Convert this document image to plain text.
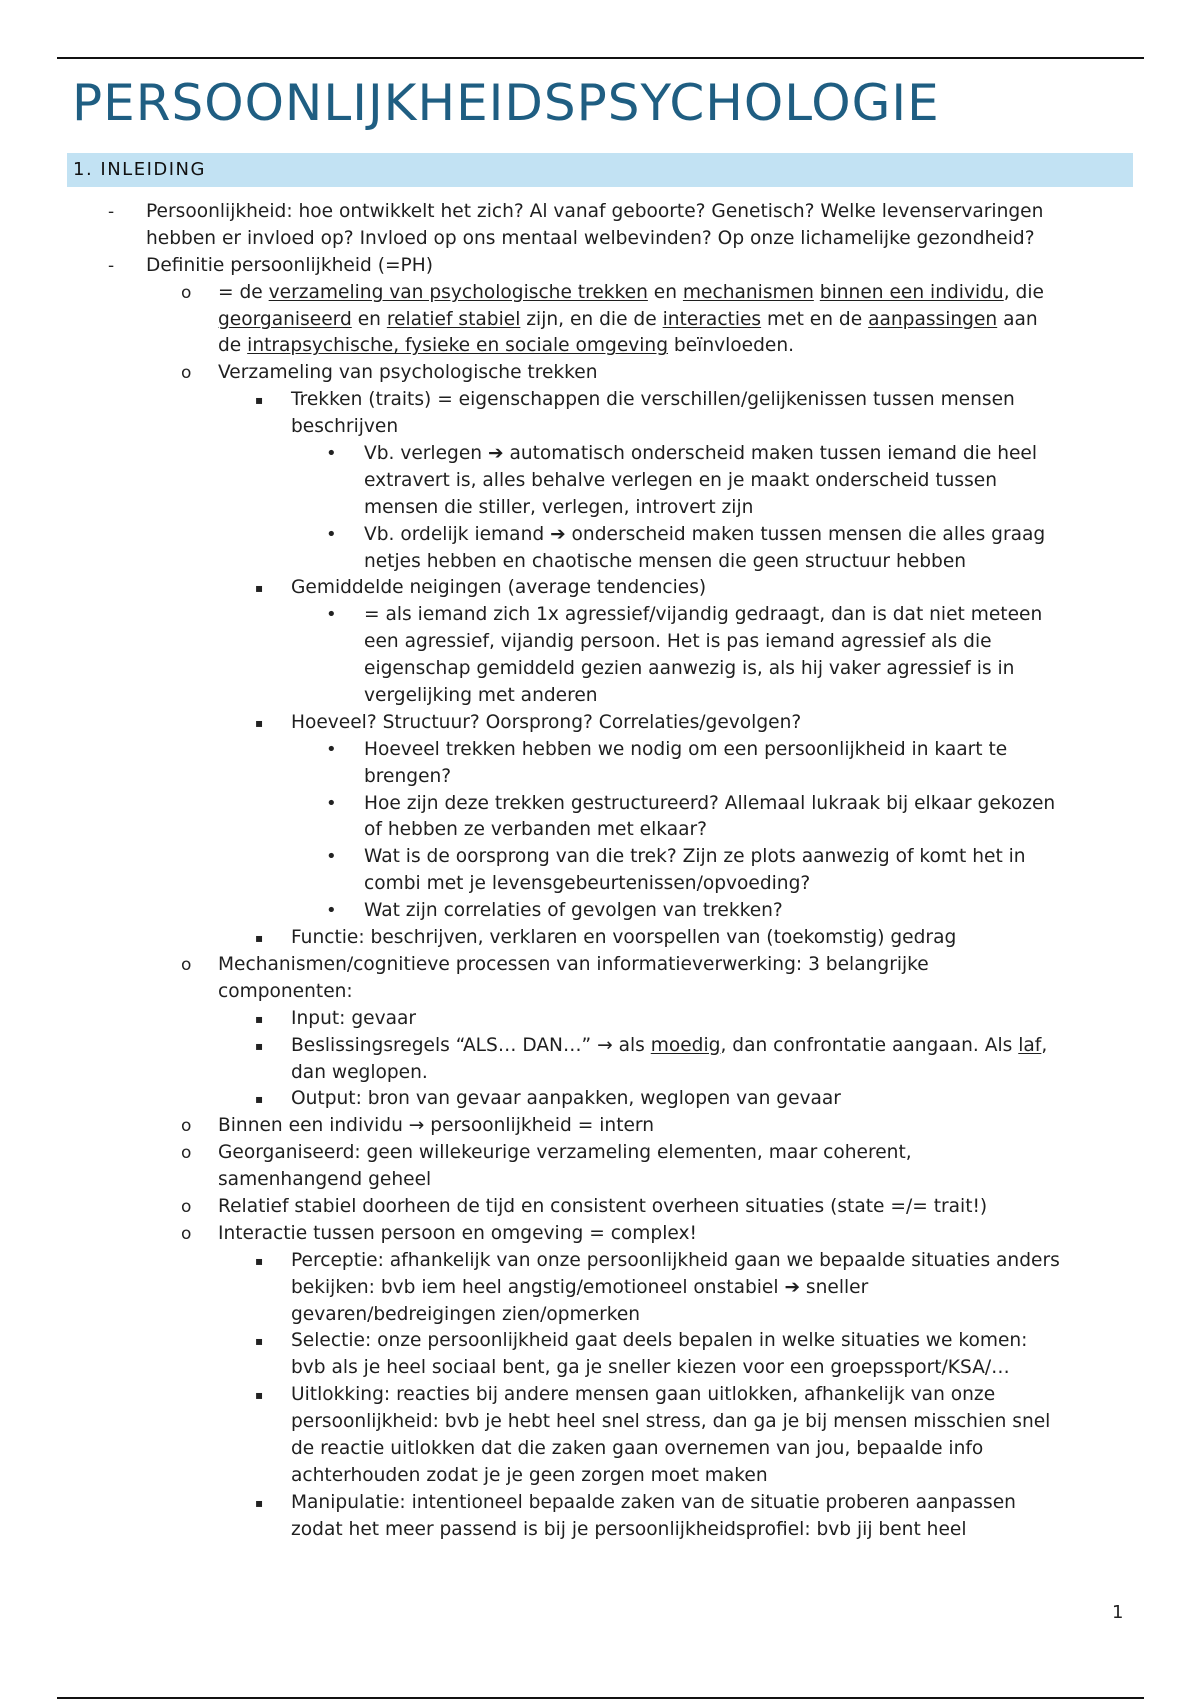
PERSOONLIJKHEIDSPSYCHOLOGIE
1. INLEIDING
- Persoonlijkheid: hoe ontwikkelt het zich? Al vanaf geboorte? Genetisch? Welke levenservaringen
hebben er invloed op? Invloed op ons mentaal welbevinden? Op onze lichamelijke gezondheid?
- Definitie persoonlijkheid (=PH)
o = de verzameling van psychologische trekken en mechanismen binnen een individu, die
georganiseerd en relatief stabiel zijn, en die de interacties met en de aanpassingen aan
de intrapsychische, fysieke en sociale omgeving beïnvloeden.
o Verzameling van psychologische trekken
▪ Trekken (traits) = eigenschappen die verschillen/gelijkenissen tussen mensen
beschrijven
• Vb. verlegen ➔ automatisch onderscheid maken tussen iemand die heel
extravert is, alles behalve verlegen en je maakt onderscheid tussen
mensen die stiller, verlegen, introvert zijn
• Vb. ordelijk iemand ➔ onderscheid maken tussen mensen die alles graag
netjes hebben en chaotische mensen die geen structuur hebben
▪ Gemiddelde neigingen (average tendencies)
• = als iemand zich 1x agressief/vijandig gedraagt, dan is dat niet meteen
een agressief, vijandig persoon. Het is pas iemand agressief als die
eigenschap gemiddeld gezien aanwezig is, als hij vaker agressief is in
vergelijking met anderen
▪ Hoeveel? Structuur? Oorsprong? Correlaties/gevolgen?
• Hoeveel trekken hebben we nodig om een persoonlijkheid in kaart te
brengen?
• Hoe zijn deze trekken gestructureerd? Allemaal lukraak bij elkaar gekozen
of hebben ze verbanden met elkaar?
• Wat is de oorsprong van die trek? Zijn ze plots aanwezig of komt het in
combi met je levensgebeurtenissen/opvoeding?
• Wat zijn correlaties of gevolgen van trekken?
▪ Functie: beschrijven, verklaren en voorspellen van (toekomstig) gedrag
o Mechanismen/cognitieve processen van informatieverwerking: 3 belangrijke
componenten:
▪ Input: gevaar
▪ Beslissingsregels “ALS… DAN…” → als moedig, dan confrontatie aangaan. Als laf,
dan weglopen.
▪ Output: bron van gevaar aanpakken, weglopen van gevaar
o Binnen een individu → persoonlijkheid = intern
o Georganiseerd: geen willekeurige verzameling elementen, maar coherent,
samenhangend geheel
o Relatief stabiel doorheen de tijd en consistent overheen situaties (state =/= trait!)
o Interactie tussen persoon en omgeving = complex!
▪ Perceptie: afhankelijk van onze persoonlijkheid gaan we bepaalde situaties anders
bekijken: bvb iem heel angstig/emotioneel onstabiel ➔ sneller
gevaren/bedreigingen zien/opmerken
▪ Selectie: onze persoonlijkheid gaat deels bepalen in welke situaties we komen:
bvb als je heel sociaal bent, ga je sneller kiezen voor een groepssport/KSA/…
▪ Uitlokking: reacties bij andere mensen gaan uitlokken, afhankelijk van onze
persoonlijkheid: bvb je hebt heel snel stress, dan ga je bij mensen misschien snel
de reactie uitlokken dat die zaken gaan overnemen van jou, bepaalde info
achterhouden zodat je je geen zorgen moet maken
▪ Manipulatie: intentioneel bepaalde zaken van de situatie proberen aanpassen
zodat het meer passend is bij je persoonlijkheidsprofiel: bvb jij bent heel
1
